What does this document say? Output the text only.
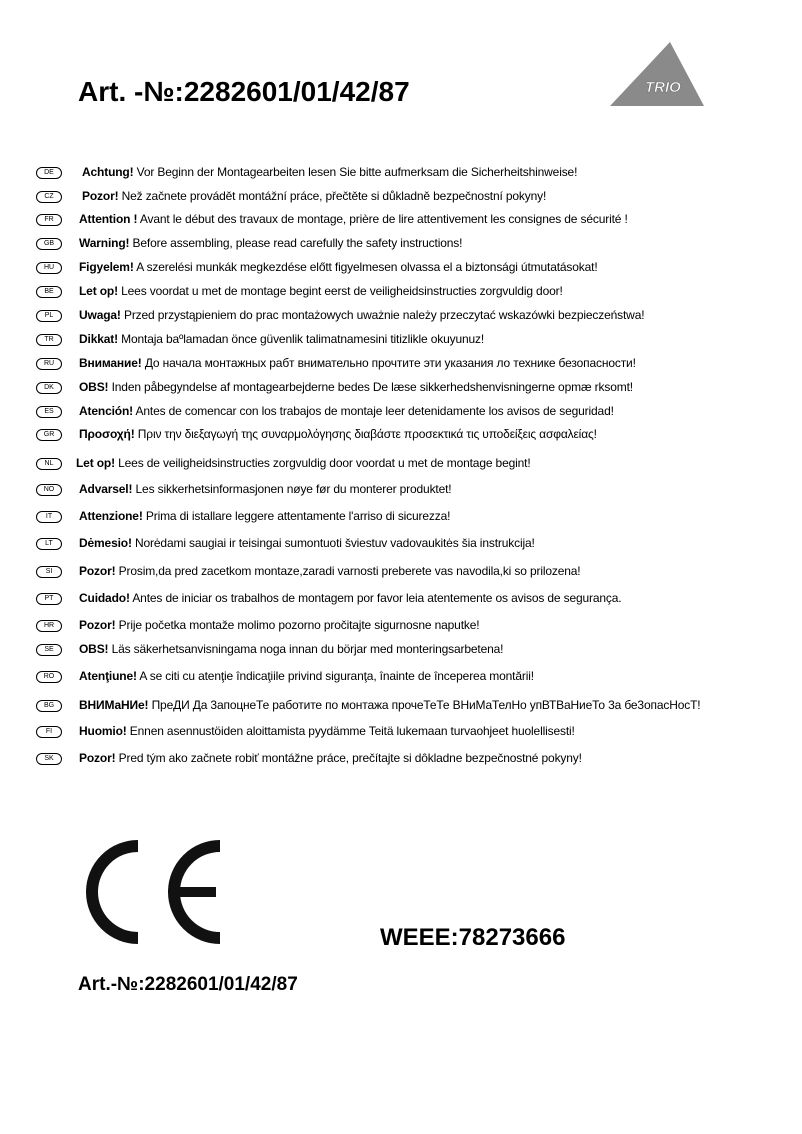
Art. -№:2282601/01/42/87	TRIO
DE	Achtung! Vor Beginn der Montagearbeiten lesen Sie bitte aufmerksam die Sicherheitshinweise!
CZ	Pozor! Než začnete provádět montážní práce, přečtěte si důkladně bezpečnostní pokyny!
FR	Attention ! Avant le début des travaux de montage, prière de lire attentivement les consignes de sécurité !
GB	Warning! Before assembling, please read carefully the safety instructions!
HU	Figyelem! A szerelési munkák megkezdése előtt figyelmesen olvassa el a biztonsági útmutatásokat!
BE	Let op! Lees voordat u met de montage begint eerst de veiligheidsinstructies zorgvuldig door!
PL	Uwaga! Przed przystąpieniem do prac montażowych uważnie należy przeczytać wskazówki bezpieczeństwa!
TR	Dikkat! Montaja baºlamadan önce güvenlik talimatnamesini titizlikle okuyunuz!
RU	Внимание! До начала монтажных рабт внимательно прочтите эти указания ло технике безопасности!
DK	OBS! Inden påbegyndelse af montagearbejderne bedes De læse sikkerhedshenvisningerne opmæ rksomt!
ES	Atención! Antes de comencar con los trabajos de montaje leer detenidamente los avisos de seguridad!
GR	Προσοχή! Πριν την διεξαγωγή της συναρμολόγησης διαβάστε προσεκτικά τις υποδείξεις ασφαλείας!
NL	Let op! Lees de veiligheidsinstructies zorgvuldig door voordat u met de montage begint!
NO	Advarsel! Les sikkerhetsinformasjonen nøye før du monterer produktet!
IT	Attenzione! Prima di istallare leggere attentamente l'arriso di sicurezza!
LT	Dėmesio! Norėdami saugiai ir teisingai sumontuoti šviestuv vadovaukitės šia instrukcija!
SI	Pozor! Prosim,da pred zacetkom montaze,zaradi varnosti preberete vas navodila,ki so prilozena!
PT	Cuidado! Antes de iniciar os trabalhos de montagem por favor leia atentemente os avisos de segurança.
HR	Pozor! Prije početka montaže molimo pozorno pročitajte sigurnosne naputke!
SE	OBS! Läs säkerhetsanvisningama noga innan du börjar med monteringsarbetena!
RO	Atenţiune! A se citi cu atenţie îndicaţiile privind siguranţa, înainte de începerea montării!
BG	ВНИМаНИе! ПреДИ Да 3апоцнеТе работите по монтажа прочеТеТе ВНиМаТелНо упВТВаНиеТо 3а бе3опасНосТ!
FI	Huomio! Ennen asennustöiden aloittamista pyydämme Teitä lukemaan turvaohjeet huolellisesti!
SK	Pozor! Pred tým ako začnete robiť montážne práce, prečítajte si dôkladne bezpečnostné pokyny!
WEEE:78273666
Art.-№:2282601/01/42/87
